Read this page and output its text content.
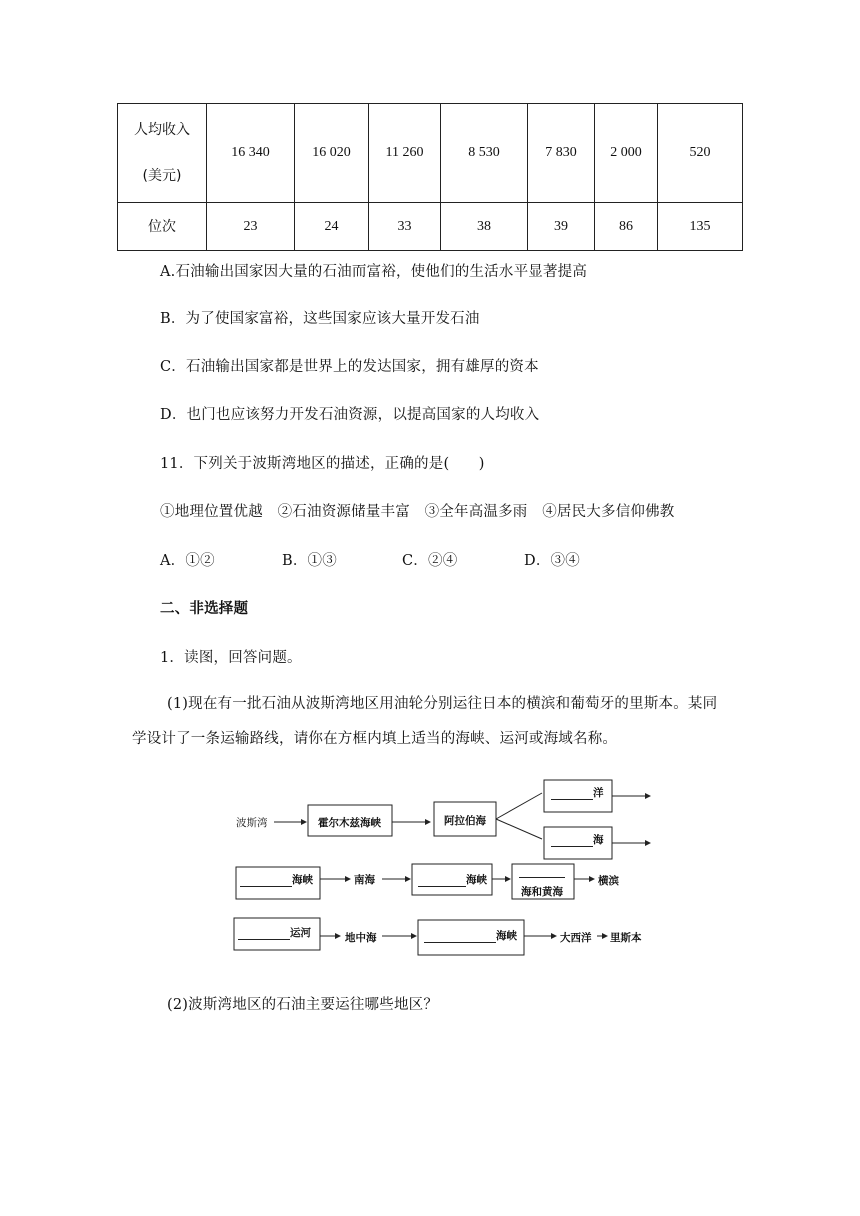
人均收入
(美元)	16 340	16 020	11 260	8 530	7 830	2 000	520
位次	23	24	33	38	39	86	135
A.石油输出国家因大量的石油而富裕，使他们的生活水平显著提高
B．为了使国家富裕，这些国家应该大量开发石油
C．石油输出国家都是世界上的发达国家，拥有雄厚的资本
D．也门也应该努力开发石油资源，以提高国家的人均收入
11．下列关于波斯湾地区的描述，正确的是(　　)
①地理位置优越　②石油资源储量丰富　③全年高温多雨　④居民大多信仰佛教
A．①②	B．①③	C．②④	D．③④
二、非选择题
1．读图，回答问题。
(1)现在有一批石油从波斯湾地区用油轮分别运往日本的横滨和葡萄牙的里斯本。某同
学设计了一条运输路线，请你在方框内填上适当的海峡、运河或海域名称。
波斯湾	霍尔木兹海峡	阿拉伯海
洋
海
海峡	南海	海峡
海和黄海
横滨
运河	地中海	海峡	大西洋 里斯本
(2)波斯湾地区的石油主要运往哪些地区？
